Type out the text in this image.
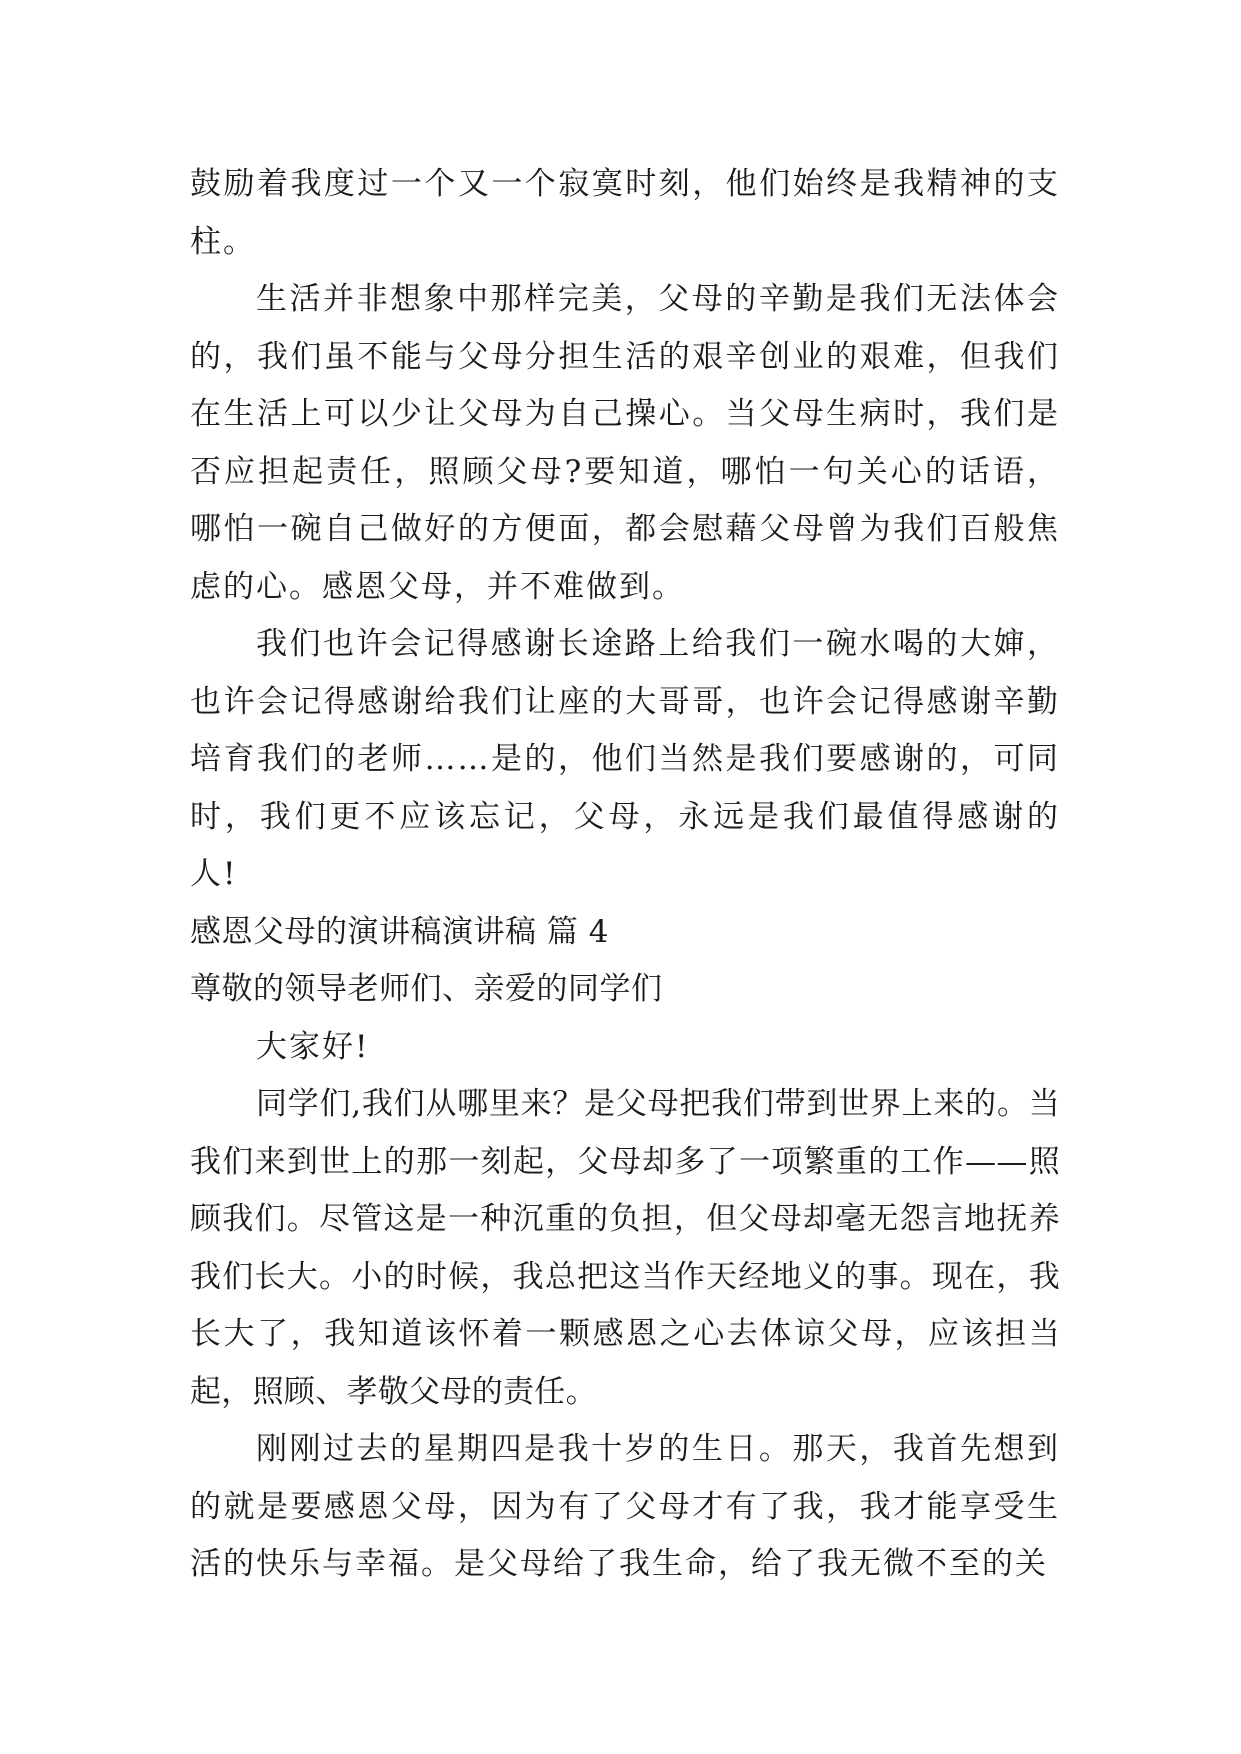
鼓励着我度过一个又一个寂寞时刻，他们始终是我精神的支柱。

生活并非想象中那样完美，父母的辛勤是我们无法体会的，我们虽不能与父母分担生活的艰辛创业的艰难，但我们在生活上可以少让父母为自己操心。当父母生病时，我们是否应担起责任，照顾父母?要知道，哪怕一句关心的话语，哪怕一碗自己做好的方便面，都会慰藉父母曾为我们百般焦虑的心。感恩父母，并不难做到。

我们也许会记得感谢长途路上给我们一碗水喝的大婶，也许会记得感谢给我们让座的大哥哥，也许会记得感谢辛勤培育我们的老师……是的，他们当然是我们要感谢的，可同时，我们更不应该忘记，父母，永远是我们最值得感谢的人!

感恩父母的演讲稿演讲稿 篇 4

尊敬的领导老师们、亲爱的同学们

大家好!

同学们,我们从哪里来？是父母把我们带到世界上来的。当我们来到世上的那一刻起，父母却多了一项繁重的工作——照顾我们。尽管这是一种沉重的负担，但父母却毫无怨言地抚养我们长大。小的时候，我总把这当作天经地义的事。现在，我长大了，我知道该怀着一颗感恩之心去体谅父母，应该担当起，照顾、孝敬父母的责任。

刚刚过去的星期四是我十岁的生日。那天，我首先想到的就是要感恩父母，因为有了父母才有了我，我才能享受生活的快乐与幸福。是父母给了我生命，给了我无微不至的关
